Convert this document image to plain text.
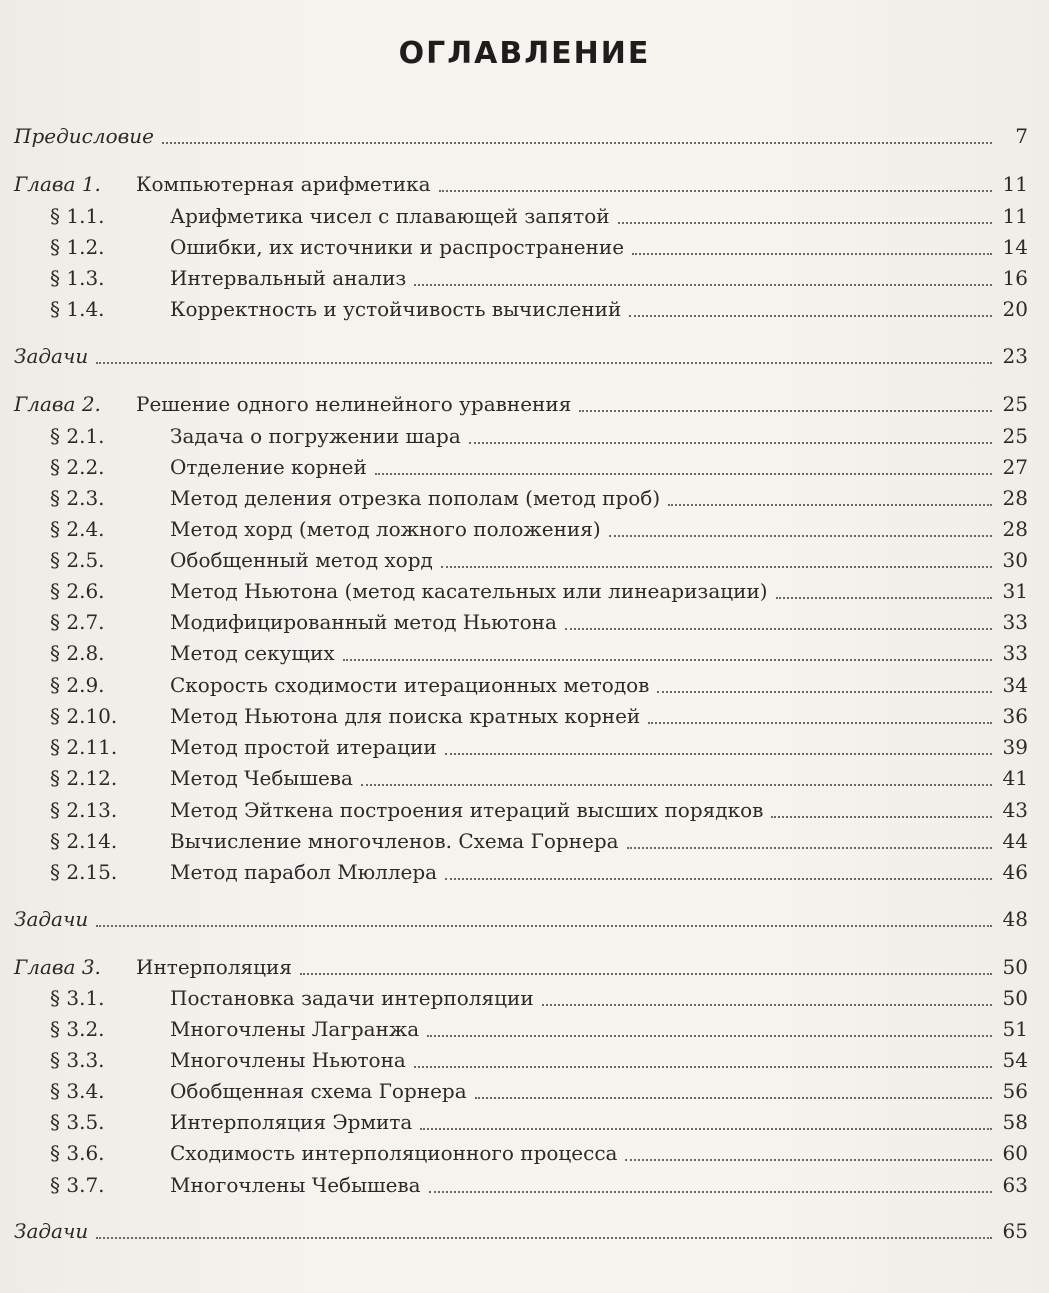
ОГЛАВЛЕНИЕ
Предисловие	7
Глава 1.	Компьютерная арифметика	11
§ 1.1.	Арифметика чисел с плавающей запятой	11
§ 1.2.	Ошибки, их источники и распространение	14
§ 1.3.	Интервальный анализ	16
§ 1.4.	Корректность и устойчивость вычислений	20
Задачи	23
Глава 2.	Решение одного нелинейного уравнения	25
§ 2.1.	Задача о погружении шара	25
§ 2.2.	Отделение корней	27
§ 2.3.	Метод деления отрезка пополам (метод проб)	28
§ 2.4.	Метод хорд (метод ложного положения)	28
§ 2.5.	Обобщенный метод хорд	30
§ 2.6.	Метод Ньютона (метод касательных или линеаризации)	31
§ 2.7.	Модифицированный метод Ньютона	33
§ 2.8.	Метод секущих	33
§ 2.9.	Скорость сходимости итерационных методов	34
§ 2.10.	Метод Ньютона для поиска кратных корней	36
§ 2.11.	Метод простой итерации	39
§ 2.12.	Метод Чебышева	41
§ 2.13.	Метод Эйткена построения итераций высших порядков	43
§ 2.14.	Вычисление многочленов. Схема Горнера	44
§ 2.15.	Метод парабол Мюллера	46
Задачи	48
Глава 3.	Интерполяция	50
§ 3.1.	Постановка задачи интерполяции	50
§ 3.2.	Многочлены Лагранжа	51
§ 3.3.	Многочлены Ньютона	54
§ 3.4.	Обобщенная схема Горнера	56
§ 3.5.	Интерполяция Эрмита	58
§ 3.6.	Сходимость интерполяционного процесса	60
§ 3.7.	Многочлены Чебышева	63
Задачи	65
